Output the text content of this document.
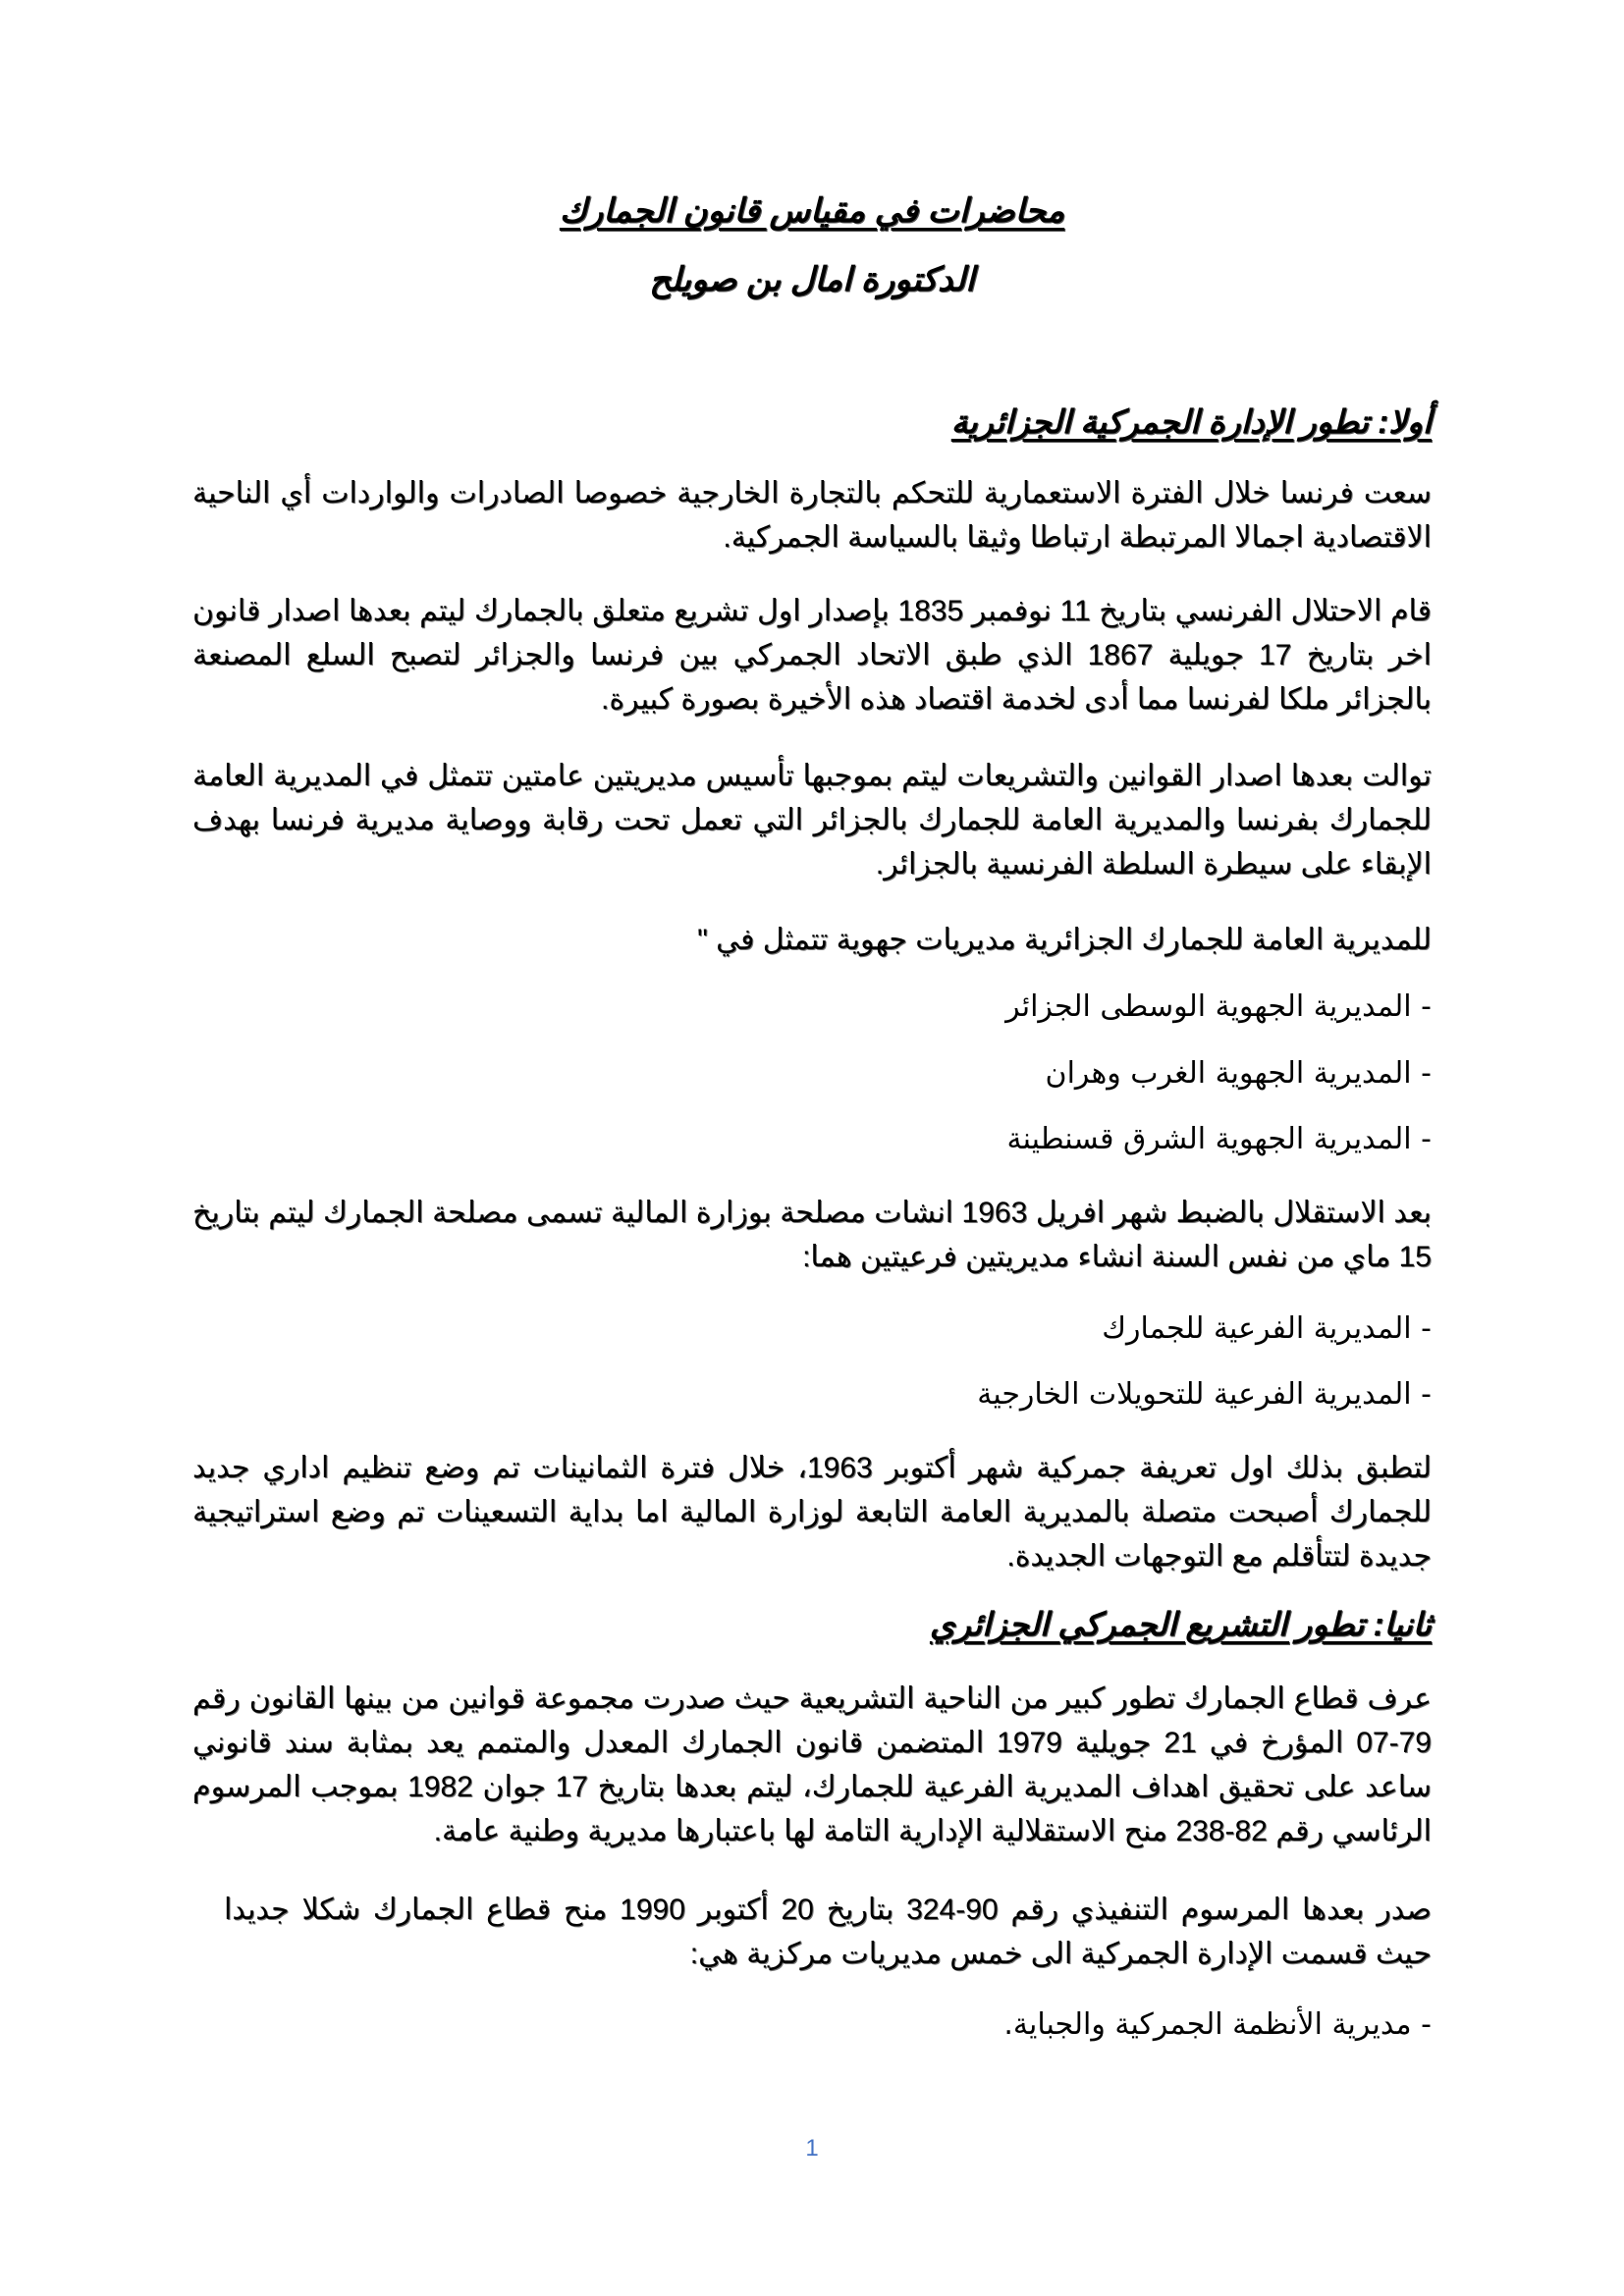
محاضرات في مقياس قانون الجمارك
الدكتورة امال بن صويلح
أولا: تطور الإدارة الجمركية الجزائرية
سعت فرنسا خلال الفترة الاستعمارية للتحكم بالتجارة الخارجية خصوصا الصادرات والواردات أي الناحية الاقتصادية اجمالا المرتبطة ارتباطا وثيقا بالسياسة الجمركية.
قام الاحتلال الفرنسي بتاريخ 11 نوفمبر 1835 بإصدار اول تشريع متعلق بالجمارك ليتم بعدها اصدار قانون اخر بتاريخ 17 جويلية 1867 الذي طبق الاتحاد الجمركي بين فرنسا والجزائر لتصبح السلع المصنعة بالجزائر ملكا لفرنسا مما أدى لخدمة اقتصاد هذه الأخيرة بصورة كبيرة.
توالت بعدها اصدار القوانين والتشريعات ليتم بموجبها تأسيس مديريتين عامتين تتمثل في المديرية العامة للجمارك بفرنسا والمديرية العامة للجمارك بالجزائر التي تعمل تحت رقابة ووصاية مديرية فرنسا بهدف الإبقاء على سيطرة السلطة الفرنسية بالجزائر.
للمديرية العامة للجمارك الجزائرية مديريات جهوية تتمثل في "
- المديرية الجهوية الوسطى الجزائر
- المديرية الجهوية الغرب وهران
- المديرية الجهوية الشرق قسنطينة
بعد الاستقلال بالضبط شهر افريل 1963 انشات مصلحة بوزارة المالية تسمى مصلحة الجمارك ليتم بتاريخ 15 ماي من نفس السنة انشاء مديريتين فرعيتين هما:
- المديرية الفرعية للجمارك
- المديرية الفرعية للتحويلات الخارجية
لتطبق بذلك اول تعريفة جمركية شهر أكتوبر 1963، خلال فترة الثمانينات تم وضع تنظيم اداري جديد للجمارك أصبحت متصلة بالمديرية العامة التابعة لوزارة المالية اما بداية التسعينات تم وضع استراتيجية جديدة لتتأقلم مع التوجهات الجديدة.
ثانيا: تطور التشريع الجمركي الجزائري
عرف قطاع الجمارك تطور كبير من الناحية التشريعية حيث صدرت مجموعة قوانين من بينها القانون رقم 79-07 المؤرخ في 21 جويلية 1979 المتضمن قانون الجمارك المعدل والمتمم يعد بمثابة سند قانوني ساعد على تحقيق اهداف المديرية الفرعية للجمارك، ليتم بعدها بتاريخ 17 جوان 1982 بموجب المرسوم الرئاسي رقم 82-238 منح الاستقلالية الإدارية التامة لها باعتبارها مديرية وطنية عامة.
صدر بعدها المرسوم التنفيذي رقم 90-324 بتاريخ 20 أكتوبر 1990 منح قطاع الجمارك شكلا جديدا حيث قسمت الإدارة الجمركية الى خمس مديريات مركزية هي:
- مديرية الأنظمة الجمركية والجباية.
1
